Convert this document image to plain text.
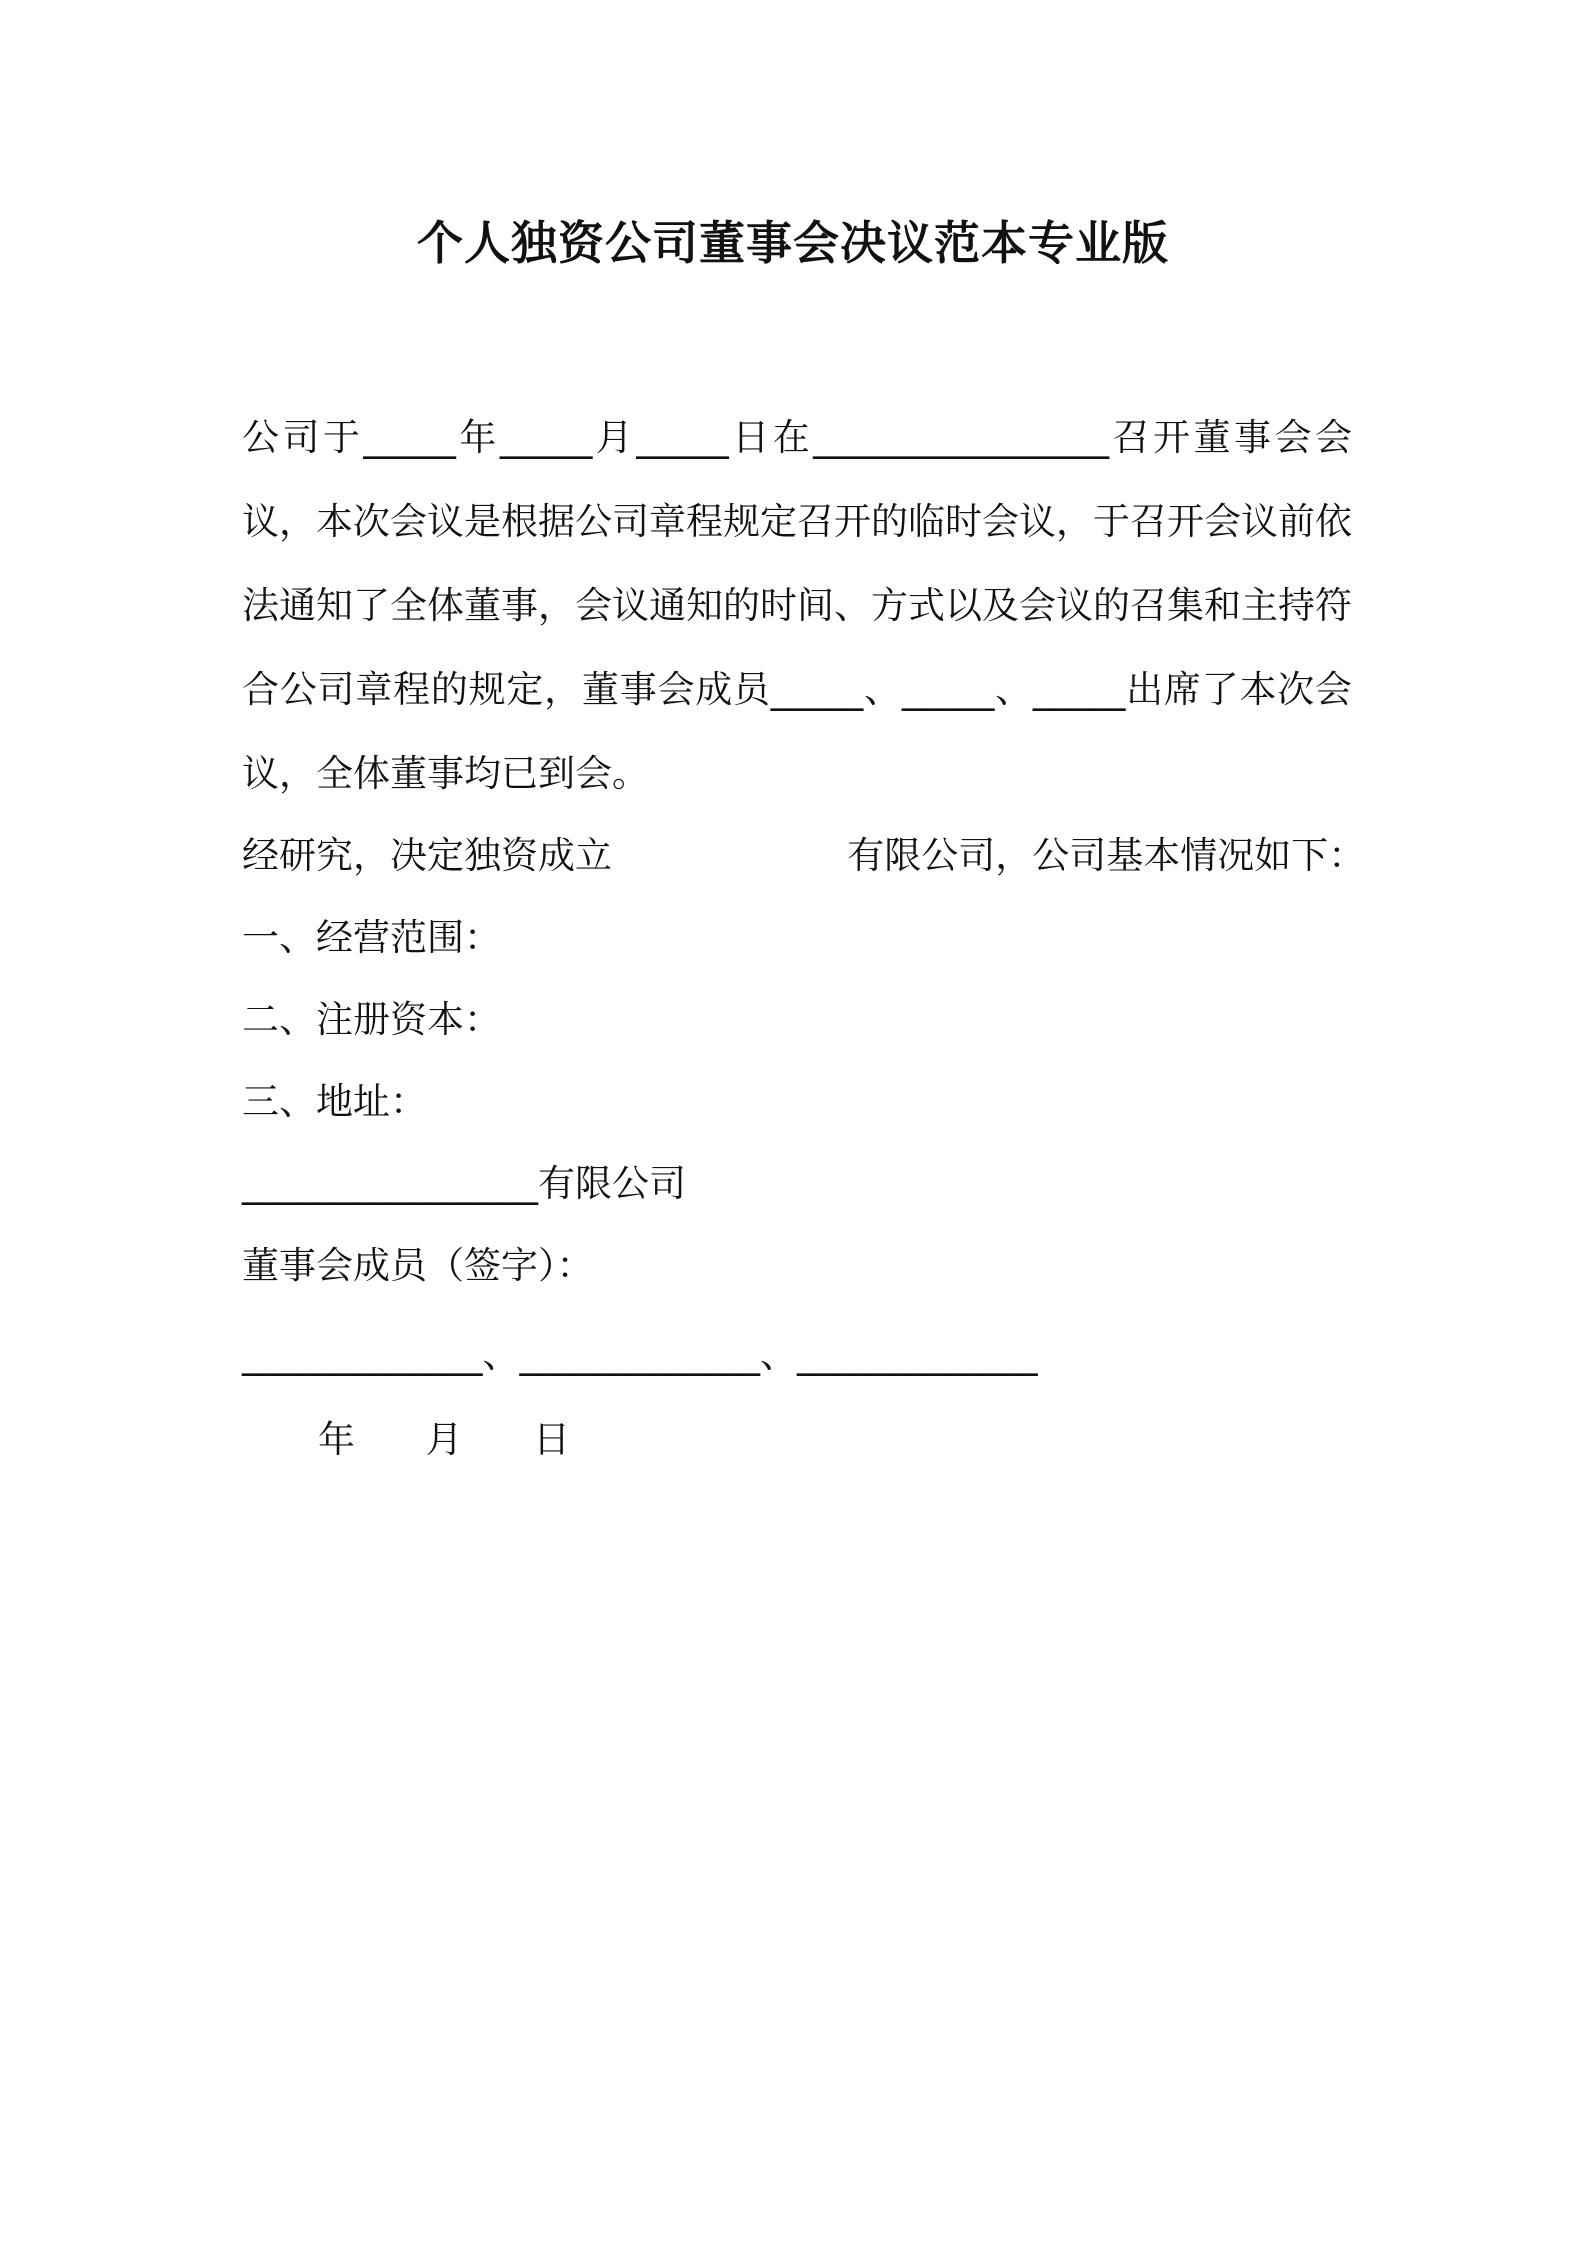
个人独资公司董事会决议范本专业版
公司于_____年_____月_____日在________________召开董事会会议，本次会议是根据公司章程规定召开的临时会议，于召开会议前依法通知了全体董事，会议通知的时间、方式以及会议的召集和主持符合公司章程的规定，董事会成员_____、_____、_____出席了本次会议，全体董事均已到会。
经研究，决定独资成立                    有限公司，公司基本情况如下：
一、经营范围：
二、注册资本：
三、地址：
________________有限公司
董事会成员（签字）：
_____________、_____________、_____________
年      月      日
